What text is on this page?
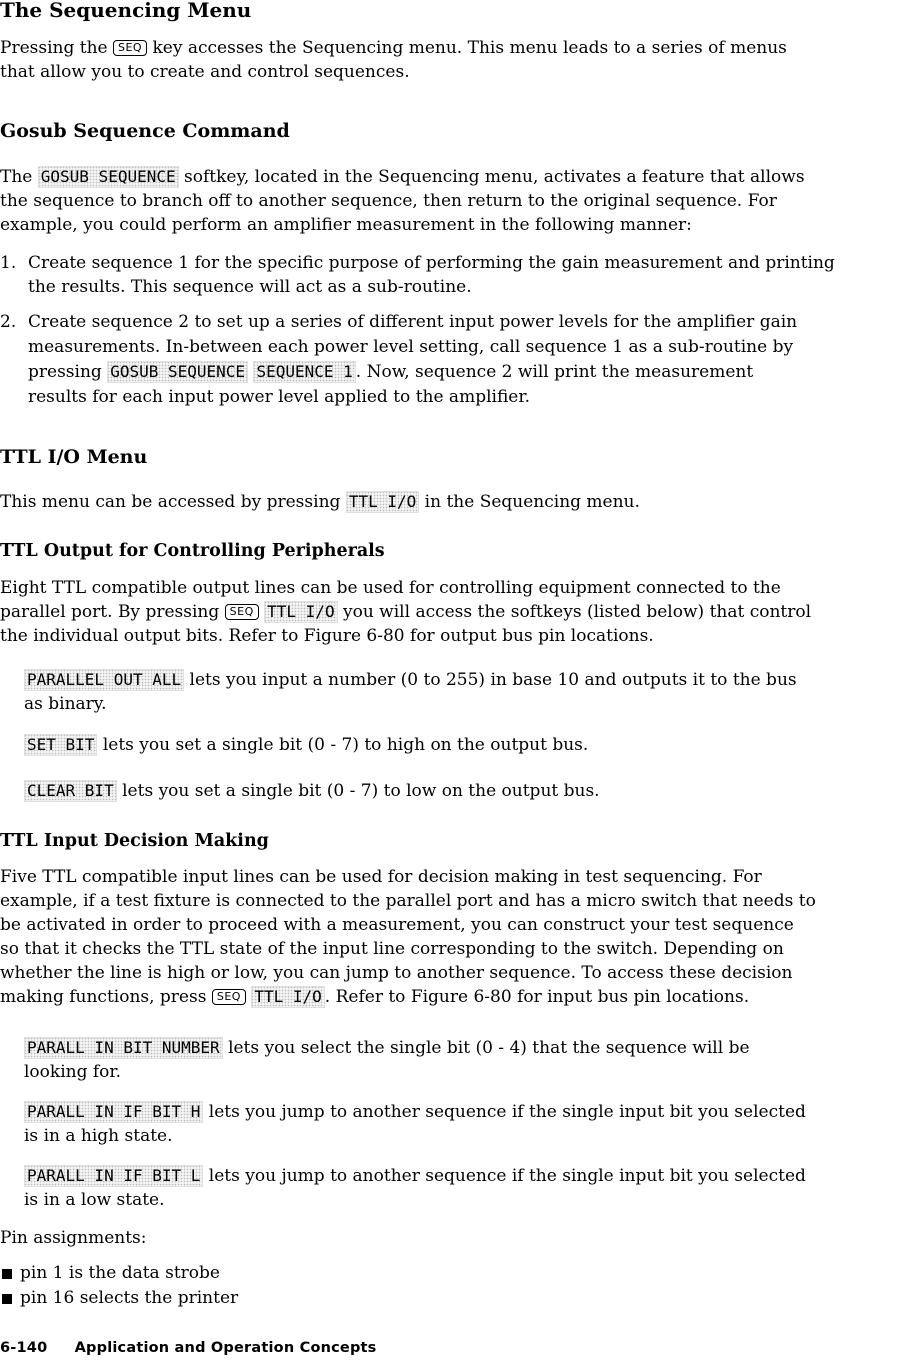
The Sequencing Menu

Pressing the SEQ key accesses the Sequencing menu. This menu leads to a series of menus
that allow you to create and control sequences.

Gosub Sequence Command

The GOSUB SEQUENCE softkey, located in the Sequencing menu, activates a feature that allows
the sequence to branch off to another sequence, then return to the original sequence. For
example, you could perform an amplifier measurement in the following manner:

1. Create sequence 1 for the specific purpose of performing the gain measurement and printing
the results. This sequence will act as a sub-routine.

2. Create sequence 2 to set up a series of different input power levels for the amplifier gain
measurements. In-between each power level setting, call sequence 1 as a sub-routine by
pressing GOSUB SEQUENCE SEQUENCE 1 . Now, sequence 2 will print the measurement
results for each input power level applied to the amplifier.

TTL I/O Menu

This menu can be accessed by pressing TTL I/O in the Sequencing menu.

TTL Output for Controlling Peripherals

Eight TTL compatible output lines can be used for controlling equipment connected to the
parallel port. By pressing SEQ TTL I/O you will access the softkeys (listed below) that control
the individual output bits. Refer to Figure 6-80 for output bus pin locations.

PARALLEL OUT ALL lets you input a number (0 to 255) in base 10 and outputs it to the bus
as binary.

SET BIT lets you set a single bit (0 - 7) to high on the output bus.

CLEAR BIT lets you set a single bit (0 - 7) to low on the output bus.

TTL Input Decision Making

Five TTL compatible input lines can be used for decision making in test sequencing. For
example, if a test fixture is connected to the parallel port and has a micro switch that needs to
be activated in order to proceed with a measurement, you can construct your test sequence
so that it checks the TTL state of the input line corresponding to the switch. Depending on
whether the line is high or low, you can jump to another sequence. To access these decision
making functions, press SEQ TTL I/O . Refer to Figure 6-80 for input bus pin locations.

PARALL IN BIT NUMBER lets you select the single bit (0 - 4) that the sequence will be
looking for.

PARALL IN IF BIT H lets you jump to another sequence if the single input bit you selected
is in a high state.

PARALL IN IF BIT L lets you jump to another sequence if the single input bit you selected
is in a low state.

Pin assignments:

pin 1 is the data strobe
pin 16 selects the printer
6-140 Application and Operation Concepts
